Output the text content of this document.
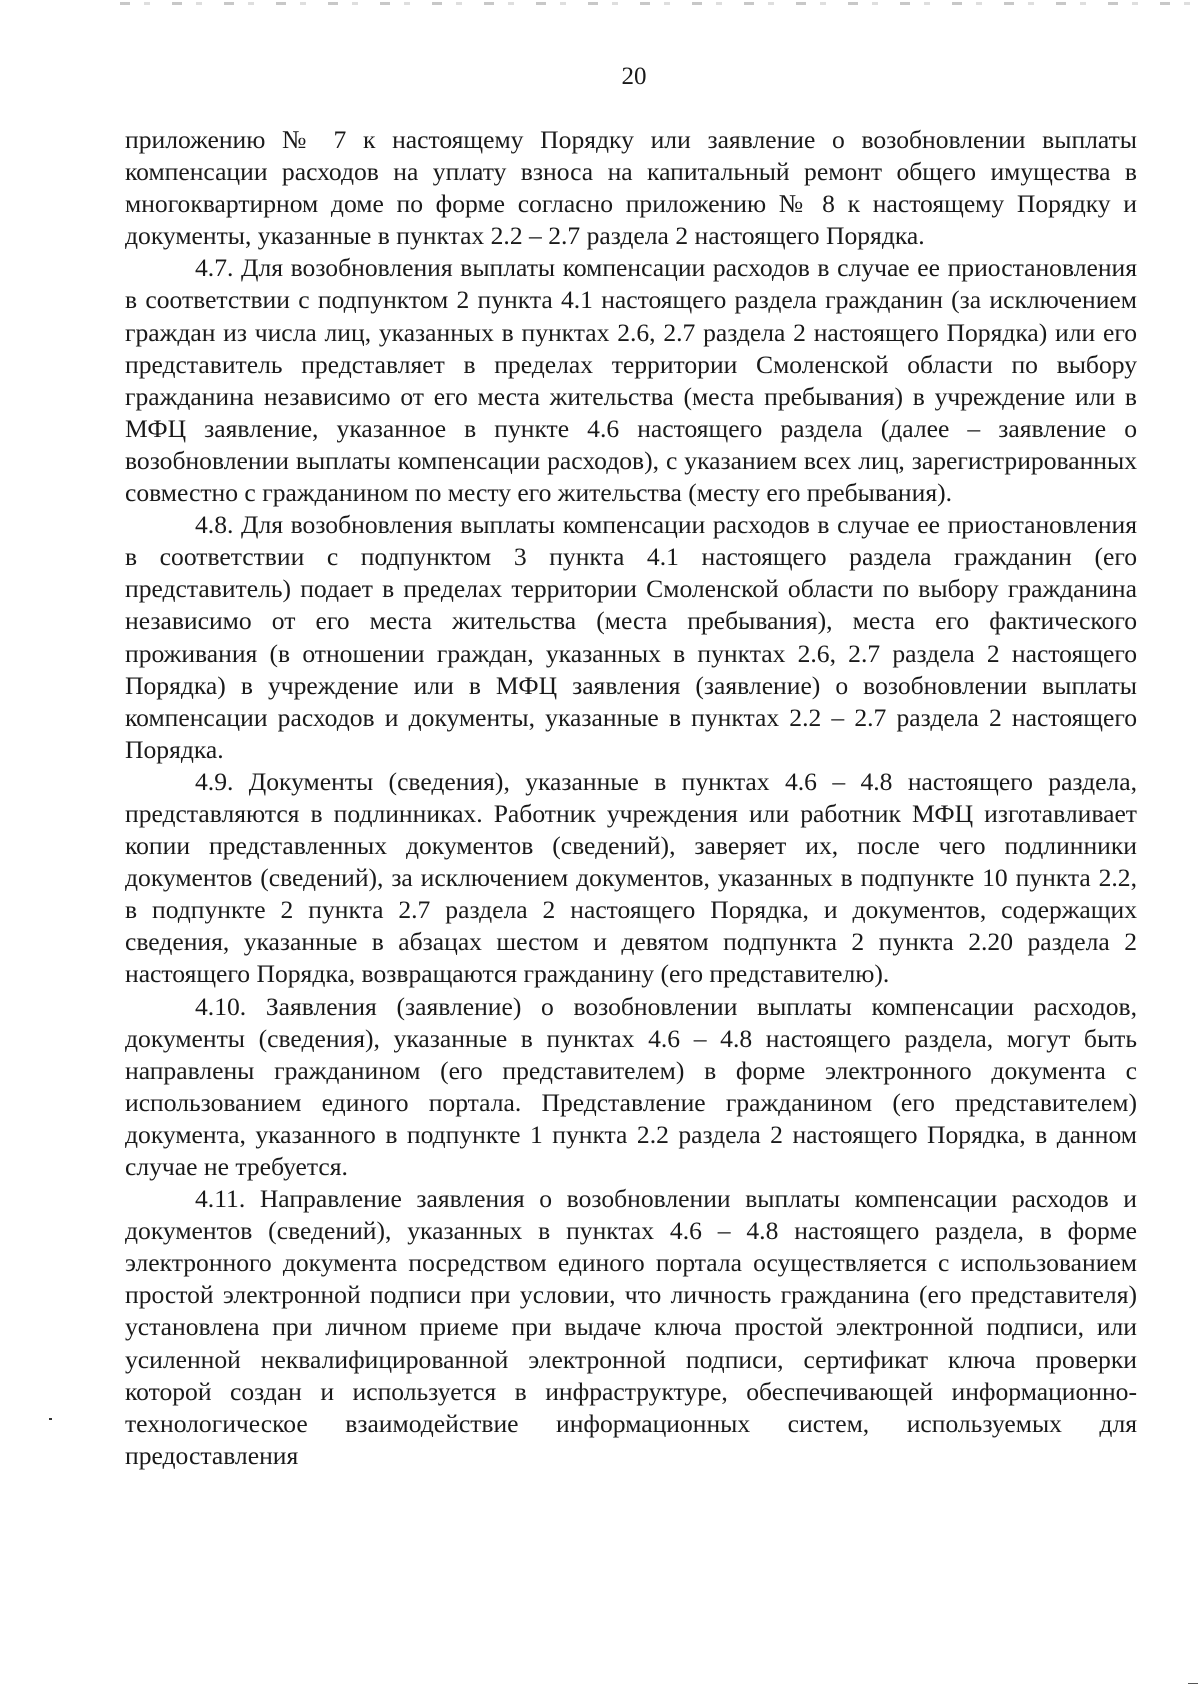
20

приложению № 7 к настоящему Порядку или заявление о возобновлении выплаты компенсации расходов на уплату взноса на капитальный ремонт общего имущества в многоквартирном доме по форме согласно приложению № 8 к настоящему Порядку и документы, указанные в пунктах 2.2 – 2.7 раздела 2 настоящего Порядка.

4.7. Для возобновления выплаты компенсации расходов в случае ее приостановления в соответствии с подпунктом 2 пункта 4.1 настоящего раздела гражданин (за исключением граждан из числа лиц, указанных в пунктах 2.6, 2.7 раздела 2 настоящего Порядка) или его представитель представляет в пределах территории Смоленской области по выбору гражданина независимо от его места жительства (места пребывания) в учреждение или в МФЦ заявление, указанное в пункте 4.6 настоящего раздела (далее – заявление о возобновлении выплаты компенсации расходов), с указанием всех лиц, зарегистрированных совместно с гражданином по месту его жительства (месту его пребывания).

4.8. Для возобновления выплаты компенсации расходов в случае ее приостановления в соответствии с подпунктом 3 пункта 4.1 настоящего раздела гражданин (его представитель) подает в пределах территории Смоленской области по выбору гражданина независимо от его места жительства (места пребывания), места его фактического проживания (в отношении граждан, указанных в пунктах 2.6, 2.7 раздела 2 настоящего Порядка) в учреждение или в МФЦ заявления (заявление) о возобновлении выплаты компенсации расходов и документы, указанные в пунктах 2.2 – 2.7 раздела 2 настоящего Порядка.

4.9. Документы (сведения), указанные в пунктах 4.6 – 4.8 настоящего раздела, представляются в подлинниках. Работник учреждения или работник МФЦ изготавливает копии представленных документов (сведений), заверяет их, после чего подлинники документов (сведений), за исключением документов, указанных в подпункте 10 пункта 2.2, в подпункте 2 пункта 2.7 раздела 2 настоящего Порядка, и документов, содержащих сведения, указанные в абзацах шестом и девятом подпункта 2 пункта 2.20 раздела 2 настоящего Порядка, возвращаются гражданину (его представителю).

4.10. Заявления (заявление) о возобновлении выплаты компенсации расходов, документы (сведения), указанные в пунктах 4.6 – 4.8 настоящего раздела, могут быть направлены гражданином (его представителем) в форме электронного документа с использованием единого портала. Представление гражданином (его представителем) документа, указанного в подпункте 1 пункта 2.2 раздела 2 настоящего Порядка, в данном случае не требуется.

4.11. Направление заявления о возобновлении выплаты компенсации расходов и документов (сведений), указанных в пунктах 4.6 – 4.8 настоящего раздела, в форме электронного документа посредством единого портала осуществляется с использованием простой электронной подписи при условии, что личность гражданина (его представителя) установлена при личном приеме при выдаче ключа простой электронной подписи, или усиленной неквалифицированной электронной подписи, сертификат ключа проверки которой создан и используется в инфраструктуре, обеспечивающей информационно-технологическое взаимодействие информационных систем, используемых для предоставления
